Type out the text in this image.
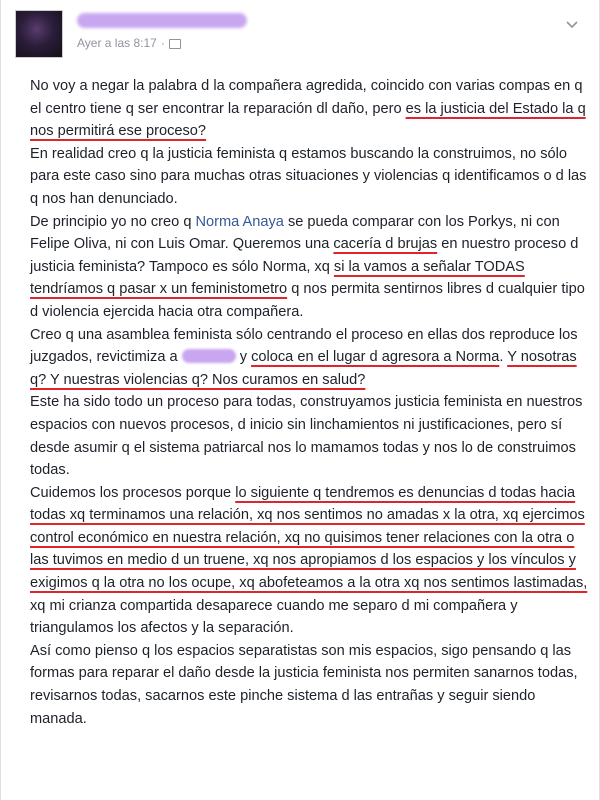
Ayer a las 8:17 ·

No voy a negar la palabra d la compañera agredida, coincido con varias compas en q el centro tiene q ser encontrar la reparación dl daño, pero es la justicia del Estado la q nos permitirá ese proceso?

En realidad creo q la justicia feminista q estamos buscando la construimos, no sólo para este caso sino para muchas otras situaciones y violencias q identificamos o d las q nos han denunciado.

De principio yo no creo q Norma Anaya se pueda comparar con los Porkys, ni con Felipe Oliva, ni con Luis Omar. Queremos una cacería d brujas en nuestro proceso d justicia feminista? Tampoco es sólo Norma, xq si la vamos a señalar TODAS tendríamos q pasar x un feministometro q nos permita sentirnos libres d cualquier tipo d violencia ejercida hacia otra compañera.

Creo q una asamblea feminista sólo centrando el proceso en ellas dos reproduce los juzgados, revictimiza a	y coloca en el lugar d agresora a Norma. Y nosotras q? Y nuestras violencias q? Nos curamos en salud?

Este ha sido todo un proceso para todas, construyamos justicia feminista en nuestros espacios con nuevos procesos, d inicio sin linchamientos ni justificaciones, pero sí desde asumir q el sistema patriarcal nos lo mamamos todas y nos lo de construimos todas.

Cuidemos los procesos porque lo siguiente q tendremos es denuncias d todas hacia todas xq terminamos una relación, xq nos sentimos no amadas x la otra, xq ejercimos control económico en nuestra relación, xq no quisimos tener relaciones con la otra o las tuvimos en medio d un truene, xq nos apropiamos d los espacios y los vínculos y exigimos q la otra no los ocupe, xq abofeteamos a la otra xq nos sentimos lastimadas, xq mi crianza compartida desaparece cuando me separo d mi compañera y triangulamos los afectos y la separación.

Así como pienso q los espacios separatistas son mis espacios, sigo pensando q las formas para reparar el daño desde la justicia feminista nos permiten sanarnos todas, revisarnos todas, sacarnos este pinche sistema d las entrañas y seguir siendo manada.
